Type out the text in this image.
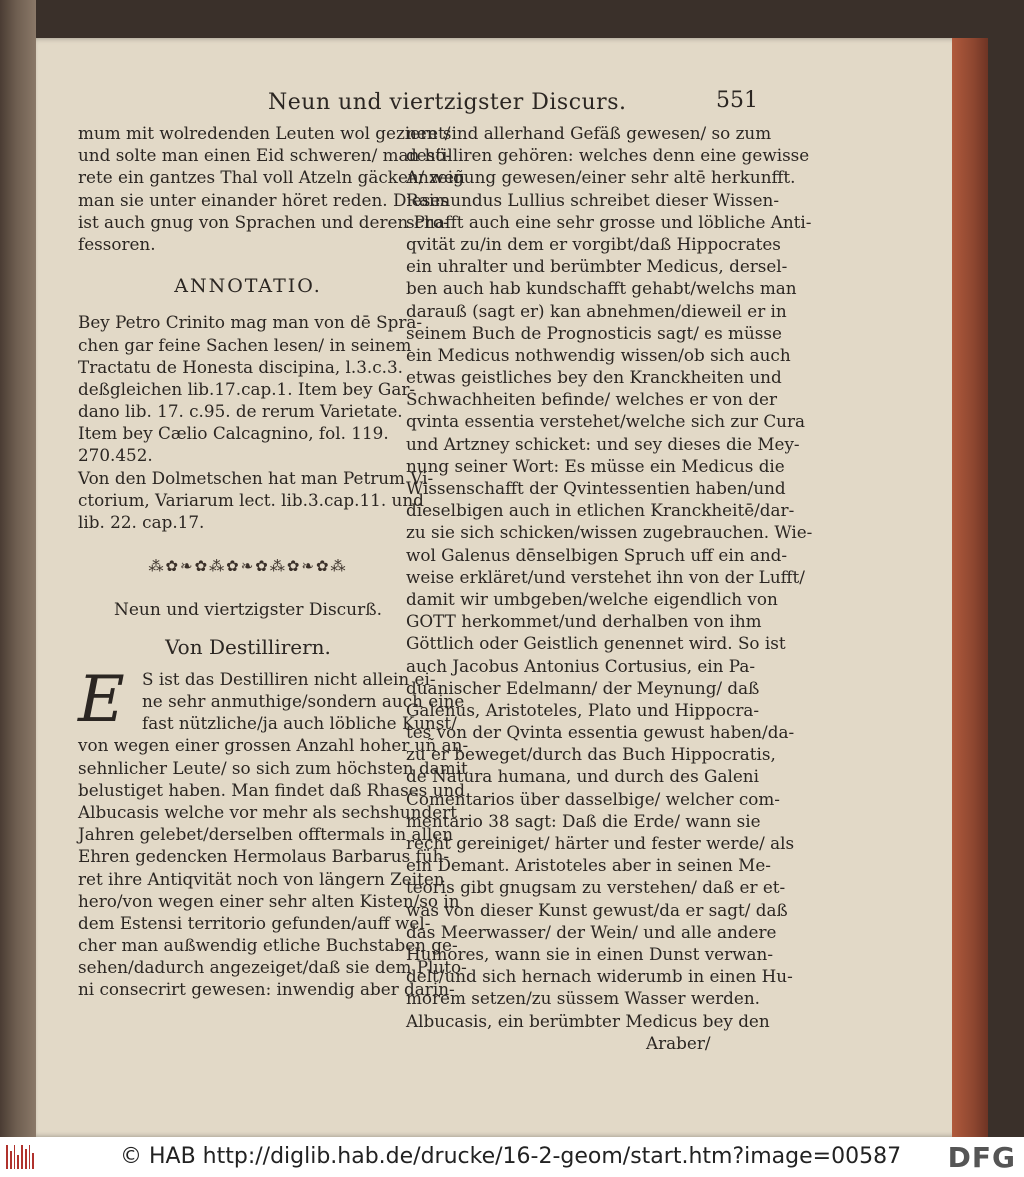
Neun und viertzigster Discurs.	551
mum mit wolredenden Leuten wol gezieret/
und solte man einen Eid schweren/ man hö-
rete ein gantzes Thal voll Atzeln gäcken/ weñ
man sie unter einander höret reden. Dieses
ist auch gnug von Sprachen und deren Pro-
fessoren.
ANNOTATIO.
Bey Petro Crinito mag man von dē Spra-
chen gar feine Sachen lesen/ in seinem
Tractatu de Honesta discipina, l.3.c.3.
deßgleichen lib.17.cap.1. Item bey Gar-
dano lib. 17. c.95. de rerum Varietate.
Item bey Cælio Calcagnino, fol. 119.
270.452.
Von den Dolmetschen hat man Petrum Vi-
ctorium, Variarum lect. lib.3.cap.11. und
lib. 22. cap.17.
⁂✿❧✿⁂✿❧✿⁂✿❧✿⁂
Neun und viertzigster Discurß.
Von Destillirern.
E	S ist das Destilliren nicht allein ei-
ne sehr anmuthige/sondern auch eine
fast nützliche/ja auch löbliche Kunst/
von wegen einer grossen Anzahl hoher uñ an-
sehnlicher Leute/ so sich zum höchsten damit
belustiget haben. Man findet daß Rhases und
Albucasis welche vor mehr als sechshundert
Jahren gelebet/derselben offtermals in allen
Ehren gedencken Hermolaus Barbarus füh-
ret ihre Antiqvität noch von längern Zeiten
hero/von wegen einer sehr alten Kisten/so in
dem Estensi territorio gefunden/auff wel-
cher man außwendig etliche Buchstaben ge-
sehen/dadurch angezeiget/daß sie dem Pluto-
ni consecrirt gewesen: inwendig aber darin-
nen sind allerhand Gefäß gewesen/ so zum
destilliren gehören: welches denn eine gewisse
Anzeigung gewesen/einer sehr altē herkunfft.
Raimundus Lullius schreibet dieser Wissen-
schafft auch eine sehr grosse und löbliche Anti-
qvität zu/in dem er vorgibt/daß Hippocrates
ein uhralter und berümbter Medicus, dersel-
ben auch hab kundschafft gehabt/welchs man
darauß (sagt er) kan abnehmen/dieweil er in
seinem Buch de Prognosticis sagt/ es müsse
ein Medicus nothwendig wissen/ob sich auch
etwas geistliches bey den Kranckheiten und
Schwachheiten befinde/ welches er von der
qvinta essentia verstehet/welche sich zur Cura
und Artzney schicket: und sey dieses die Mey-
nung seiner Wort: Es müsse ein Medicus die
Wissenschafft der Qvintessentien haben/und
dieselbigen auch in etlichen Kranckheitē/dar-
zu sie sich schicken/wissen zugebrauchen. Wie-
wol Galenus dēnselbigen Spruch uff ein and-
weise erkläret/und verstehet ihn von der Lufft/
damit wir umbgeben/welche eigendlich von
GOTT herkommet/und derhalben von ihm
Göttlich oder Geistlich genennet wird. So ist
auch Jacobus Antonius Cortusius, ein Pa-
duanischer Edelmann/ der Meynung/ daß
Galenus, Aristoteles, Plato und Hippocra-
tes von der Qvinta essentia gewust haben/da-
zu er beweget/durch das Buch Hippocratis,
de Natura humana, und durch des Galeni
Comentarios über dasselbige/ welcher com-
mentario 38 sagt: Daß die Erde/ wann sie
recht gereiniget/ härter und fester werde/ als
ein Demant. Aristoteles aber in seinen Me-
teoris gibt gnugsam zu verstehen/ daß er et-
was von dieser Kunst gewust/da er sagt/ daß
das Meerwasser/ der Wein/ und alle andere
Humores, wann sie in einen Dunst verwan-
delt/und sich hernach widerumb in einen Hu-
morem setzen/zu süssem Wasser werden.
Albucasis, ein berümbter Medicus bey den
Araber/
© HAB http://diglib.hab.de/drucke/16-2-geom/start.htm?image=00587 DFG
